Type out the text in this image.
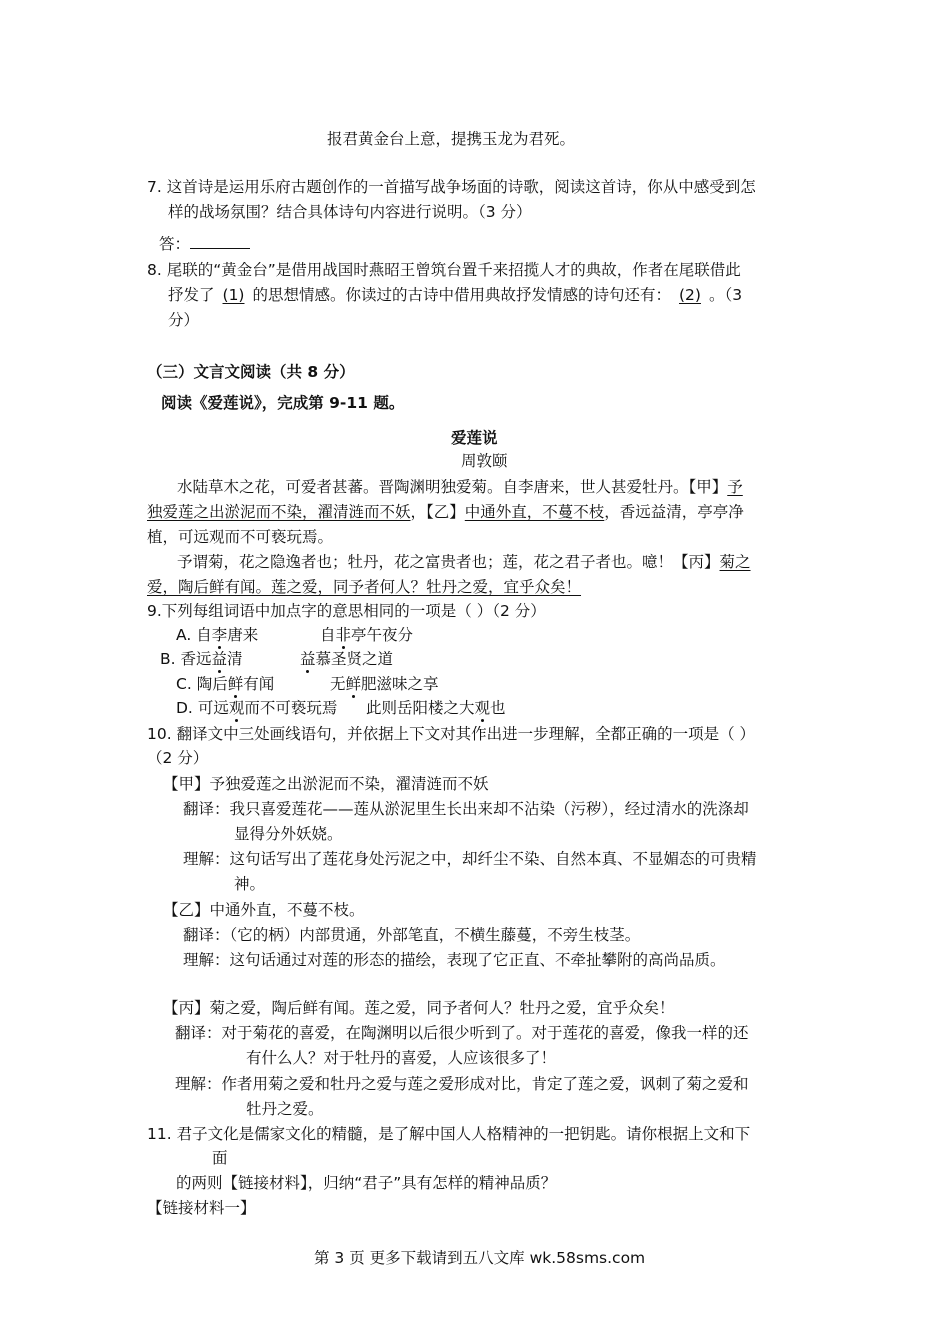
报君黄金台上意，提携玉龙为君死。
7. 这首诗是运用乐府古题创作的一首描写战争场面的诗歌，阅读这首诗，你从中感受到怎
样的战场氛围？结合具体诗句内容进行说明。（3 分）
答：
8. 尾联的“黄金台”是借用战国时燕昭王曾筑台置千来招揽人才的典故，作者在尾联借此
抒发了 (1) 的思想情感。你读过的古诗中借用典故抒发情感的诗句还有： (2) 。（3
分）
（三）文言文阅读（共 8 分）
阅读《爱莲说》，完成第 9-11 题。
爱莲说
周敦颐
水陆草木之花，可爱者甚蕃。晋陶渊明独爱菊。自李唐来，世人甚爱牡丹。【甲】予
独爱莲之出淤泥而不染，濯清涟而不妖，【乙】中通外直，不蔓不枝，香远益清，亭亭净
植，可远观而不可亵玩焉。
予谓菊，花之隐逸者也；牡丹，花之富贵者也；莲，花之君子者也。噫！【丙】菊之
爱，陶后鲜有闻。莲之爱，同予者何人？牡丹之爱，宜乎众矣！
9.下列每组词语中加点字的意思相同的一项是（ ）（2 分）
A. 自李唐来	自非亭午夜分
B. 香远益清	益慕圣贤之道
C. 陶后鲜有闻	无鲜肥滋味之享
D. 可远观而不可亵玩焉 此则岳阳楼之大观也
10. 翻译文中三处画线语句，并依据上下文对其作出进一步理解，全都正确的一项是（ ）
（2 分）
【甲】予独爱莲之出淤泥而不染，濯清涟而不妖
翻译：我只喜爱莲花——莲从淤泥里生长出来却不沾染（污秽），经过清水的洗涤却
显得分外妖娆。
理解：这句话写出了莲花身处污泥之中，却纤尘不染、自然本真、不显媚态的可贵精
神。
【乙】中通外直，不蔓不枝。
翻译：（它的柄）内部贯通，外部笔直，不横生藤蔓，不旁生枝茎。
理解：这句话通过对莲的形态的描绘，表现了它正直、不牵扯攀附的高尚品质。
【丙】菊之爱，陶后鲜有闻。莲之爱，同予者何人？牡丹之爱，宜乎众矣！
翻译：对于菊花的喜爱，在陶渊明以后很少听到了。对于莲花的喜爱，像我一样的还
有什么人？对于牡丹的喜爱，人应该很多了！
理解：作者用菊之爱和牡丹之爱与莲之爱形成对比，肯定了莲之爱，讽刺了菊之爱和
牡丹之爱。
11. 君子文化是儒家文化的精髓，是了解中国人人格精神的一把钥匙。请你根据上文和下
面
的两则【链接材料】，归纳“君子”具有怎样的精神品质？
【链接材料一】
第 3 页 更多下载请到五八文库 wk.58sms.com
